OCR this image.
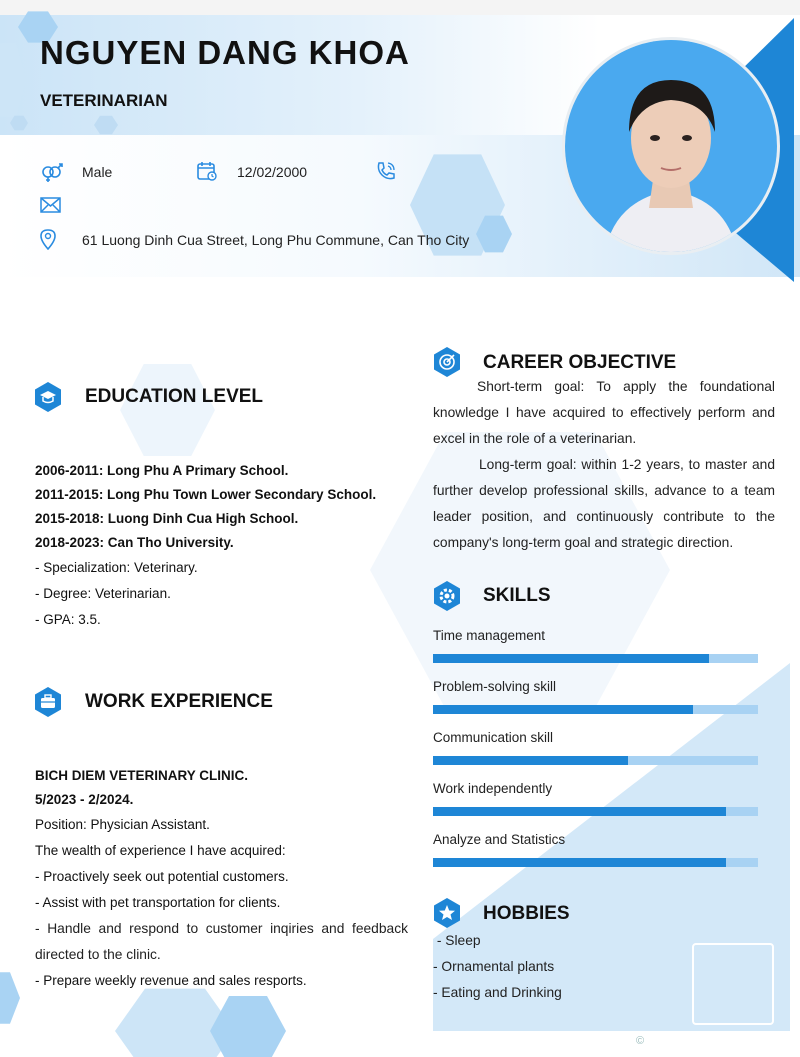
NGUYEN DANG KHOA
VETERINARIAN
Male	12/02/2000
61 Luong Dinh Cua Street, Long Phu Commune, Can Tho City
EDUCATION LEVEL
2006-2011: Long Phu A Primary School.
2011-2015: Long Phu Town Lower Secondary School.
2015-2018: Luong Dinh Cua High School.
2018-2023: Can Tho University.
- Specialization: Veterinary.
- Degree: Veterinarian.
- GPA: 3.5.
WORK EXPERIENCE
BICH DIEM VETERINARY CLINIC.
5/2023 - 2/2024.
Position: Physician Assistant.
The wealth of experience I have acquired:
- Proactively seek out potential customers.
- Assist with pet transportation for clients.
- Handle and respond to customer inqiries and feedback directed to the clinic.
- Prepare weekly revenue and sales resports.
CAREER OBJECTIVE
Short-term goal: To apply the foundational knowledge I have acquired to effectively perform and excel in the role of a veterinarian.
Long-term goal: within 1-2 years, to master and further develop professional skills, advance to a team leader position, and continuously contribute to the company's long-term goal and strategic direction.
SKILLS
Time management
Problem-solving skill
Communication skill
Work independently
Analyze and Statistics
HOBBIES
- Sleep
- Ornamental plants
- Eating and Drinking
©
